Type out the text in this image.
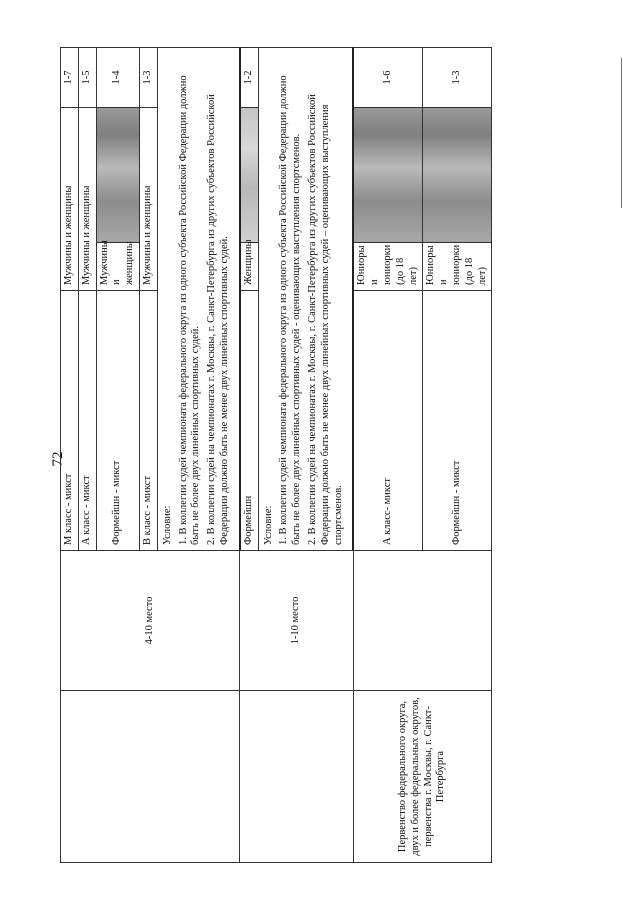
72
	4-10 место	М класс - микст	Мужчины и женщины		1-7
		А класс - микст	Мужчины и женщины		1-5
		Формейшн - микст	Мужчины и женщины		1-4
		В класс - микст	Мужчины и женщины		1-3

		Условие: 1. В коллегии судей чемпионата федерального округа из одного субъекта Российской Федерации должно быть не более двух линейных спортивных судей. 2. В коллегии судей на чемпионатах г. Москвы, г. Санкт-Петербурга из других субъектов Российской Федерации должно быть не менее двух линейных спортивных судей.			

	1-10 место	Формейшн	Женщины		1-2

		Условие: 1. В коллегии судей чемпионата федерального округа из одного субъекта Российской Федерации должно быть не более двух линейных спортивных судей - оценивающих выступления спортсменов. 2. В коллегии судей на чемпионатах г. Москвы, г. Санкт-Петербурга из других субъектов Российской Федерации должно быть не менее двух линейных спортивных судей – оценивающих выступления спортсменов.			

Первенство федерального округа, двух и более федеральных округов, первенства г. Москвы, г. Санкт-Петербурга		А класс- микст	Юниоры и юниорки (до 18 лет)		1-6
		Формейшн - микст	Юниоры и юниорки (до 18 лет)		1-3
